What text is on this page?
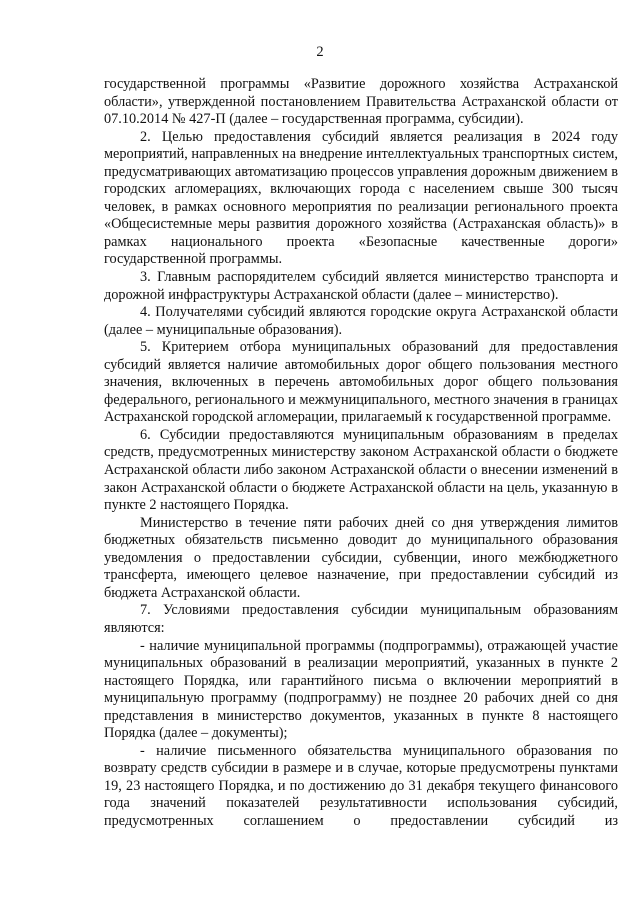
2

государственной программы «Развитие дорожного хозяйства Астраханской области», утвержденной постановлением Правительства Астраханской области от 07.10.2014 № 427-П (далее – государственная программа, субсидии).

2. Целью предоставления субсидий является реализация в 2024 году мероприятий, направленных на внедрение интеллектуальных транспортных систем, предусматривающих автоматизацию процессов управления дорожным движением в городских агломерациях, включающих города с населением свыше 300 тысяч человек, в рамках основного мероприятия по реализации регионального проекта «Общесистемные меры развития дорожного хозяйства (Астраханская область)» в рамках национального проекта «Безопасные качественные дороги» государственной программы.

3. Главным распорядителем субсидий является министерство транспорта и дорожной инфраструктуры Астраханской области (далее – министерство).

4. Получателями субсидий являются городские округа Астраханской области (далее – муниципальные образования).

5. Критерием отбора муниципальных образований для предоставления субсидий является наличие автомобильных дорог общего пользования местного значения, включенных в перечень автомобильных дорог общего пользования федерального, регионального и межмуниципального, местного значения в границах Астраханской городской агломерации, прилагаемый к государственной программе.

6. Субсидии предоставляются муниципальным образованиям в пределах средств, предусмотренных министерству законом Астраханской области о бюджете Астраханской области либо законом Астраханской области о внесении изменений в закон Астраханской области о бюджете Астраханской области на цель, указанную в пункте 2 настоящего Порядка.

Министерство в течение пяти рабочих дней со дня утверждения лимитов бюджетных обязательств письменно доводит до муниципального образования уведомления о предоставлении субсидии, субвенции, иного межбюджетного трансферта, имеющего целевое назначение, при предоставлении субсидий из бюджета Астраханской области.

7. Условиями предоставления субсидии муниципальным образованиям являются:

- наличие муниципальной программы (подпрограммы), отражающей участие муниципальных образований в реализации мероприятий, указанных в пункте 2 настоящего Порядка, или гарантийного письма о включении мероприятий в муниципальную программу (подпрограмму) не позднее 20 рабочих дней со дня представления в министерство документов, указанных в пункте 8 настоящего Порядка (далее – документы);

- наличие письменного обязательства муниципального образования по возврату средств субсидии в размере и в случае, которые предусмотрены пунктами 19, 23 настоящего Порядка, и по достижению до 31 декабря текущего финансового года значений показателей результативности использования субсидий, предусмотренных соглашением о предоставлении субсидий из
